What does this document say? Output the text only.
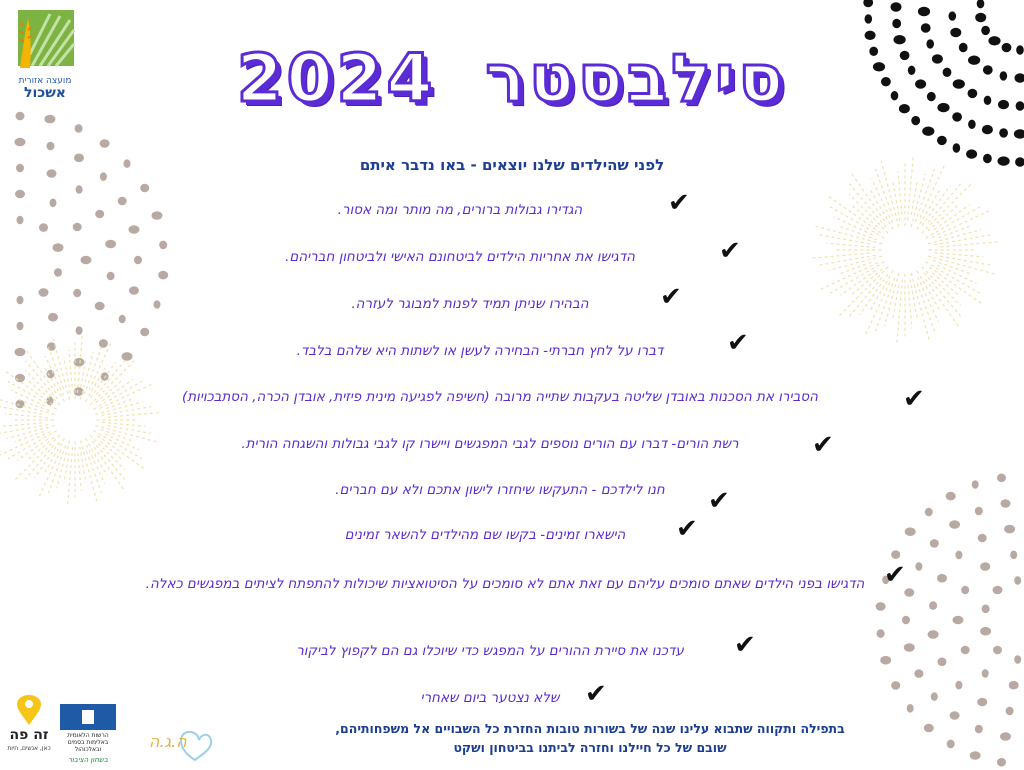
מועצה אזורית
אשכול	סילבסטר 2024
לפני שהילדים שלנו יוצאים - באו נדבר איתם
הגדירו גבולות ברורים, מה מותר ומה אסור.	✔
הדגישו את אחריות הילדים לביטחונם האישי ולביטחון חבריהם.	✔
הבהירו שניתן תמיד לפנות למבוגר לעזרה.	✔
דברו על לחץ חברתי- הבחירה לעשן או לשתות היא שלהם בלבד.	✔
הסבירו את הסכנות באובדן שליטה בעקבות שתייה מרובה (חשיפה לפגיעה מינית פיזית, אובדן הכרה, הסתבכויות)	✔
רשת הורים- דברו עם הורים נוספים לגבי המפגשים ויישרו קו לגבי גבולות והשגחה הורית.	✔
חנו לילדכם - התעקשו שיחזרו לישון אתכם ולא עם חברים.	✔
הישארו זמינים- בקשו שם מהילדים להשאר זמינים	✔
הדגישו בפני הילדים שאתם סומכים עליהם עם זאת אתם לא סומכים על הסיטואציות שיכולות להתפתח לציתים במפגשים כאלה. ✔
עדכנו את סיירת ההורים על המפגש כדי שיוכלו גם הם לקפוץ לביקור	✔
שלא נצטער ביום שאחרי ✔
בתפילה ותקווה שתבוא עלינו שנה של בשורות טובות החזרת כל השבויים אל משפחותיהם,
שובם של כל חיילנו וחזרה לביתנו בביטחון ושקט
זה פה
כאן, אנשים, חיות
הרשות הלאומית באלימות בסמים ובאלכוהול
בשחון הציבור
ה.ג.ה
